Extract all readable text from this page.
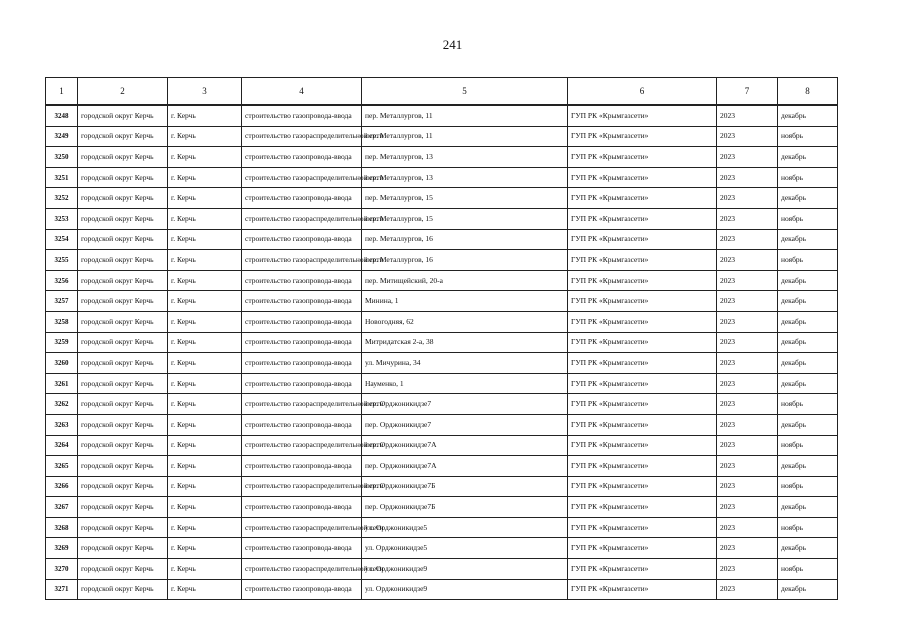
241
1	2	3	4	5	6	7	8
3248	городской округ Керчь	г. Керчь	строительство газопровода-ввода	пер. Металлургов, 11	ГУП РК «Крымгазсети»	2023	декабрь
3249	городской округ Керчь	г. Керчь	строительство газораспределительной сети	пер. Металлургов, 11	ГУП РК «Крымгазсети»	2023	ноябрь
3250	городской округ Керчь	г. Керчь	строительство газопровода-ввода	пер. Металлургов, 13	ГУП РК «Крымгазсети»	2023	декабрь
3251	городской округ Керчь	г. Керчь	строительство газораспределительной сети	пер. Металлургов, 13	ГУП РК «Крымгазсети»	2023	ноябрь
3252	городской округ Керчь	г. Керчь	строительство газопровода-ввода	пер. Металлургов, 15	ГУП РК «Крымгазсети»	2023	декабрь
3253	городской округ Керчь	г. Керчь	строительство газораспределительной сети	пер. Металлургов, 15	ГУП РК «Крымгазсети»	2023	ноябрь
3254	городской округ Керчь	г. Керчь	строительство газопровода-ввода	пер. Металлургов, 16	ГУП РК «Крымгазсети»	2023	декабрь
3255	городской округ Керчь	г. Керчь	строительство газораспределительной сети	пер. Металлургов, 16	ГУП РК «Крымгазсети»	2023	ноябрь
3256	городской округ Керчь	г. Керчь	строительство газопровода-ввода	пер. Митищейский, 20-а	ГУП РК «Крымгазсети»	2023	декабрь
3257	городской округ Керчь	г. Керчь	строительство газопровода-ввода	Минина, 1	ГУП РК «Крымгазсети»	2023	декабрь
3258	городской округ Керчь	г. Керчь	строительство газопровода-ввода	Новогодняя, 62	ГУП РК «Крымгазсети»	2023	декабрь
3259	городской округ Керчь	г. Керчь	строительство газопровода-ввода	Митридатская 2-а, 38	ГУП РК «Крымгазсети»	2023	декабрь
3260	городской округ Керчь	г. Керчь	строительство газопровода-ввода	ул. Мичурина, 34	ГУП РК «Крымгазсети»	2023	декабрь
3261	городской округ Керчь	г. Керчь	строительство газопровода-ввода	Науменко, 1	ГУП РК «Крымгазсети»	2023	декабрь
3262	городской округ Керчь	г. Керчь	строительство газораспределительной сети	пер. Орджоникидзе7	ГУП РК «Крымгазсети»	2023	ноябрь
3263	городской округ Керчь	г. Керчь	строительство газопровода-ввода	пер. Орджоникидзе7	ГУП РК «Крымгазсети»	2023	декабрь
3264	городской округ Керчь	г. Керчь	строительство газораспределительной сети	пер. Орджоникидзе7А	ГУП РК «Крымгазсети»	2023	ноябрь
3265	городской округ Керчь	г. Керчь	строительство газопровода-ввода	пер. Орджоникидзе7А	ГУП РК «Крымгазсети»	2023	декабрь
3266	городской округ Керчь	г. Керчь	строительство газораспределительной сети	пер. Орджоникидзе7Б	ГУП РК «Крымгазсети»	2023	ноябрь
3267	городской округ Керчь	г. Керчь	строительство газопровода-ввода	пер. Орджоникидзе7Б	ГУП РК «Крымгазсети»	2023	декабрь
3268	городской округ Керчь	г. Керчь	строительство газораспределительной сети	ул. Орджоникидзе5	ГУП РК «Крымгазсети»	2023	ноябрь
3269	городской округ Керчь	г. Керчь	строительство газопровода-ввода	ул. Орджоникидзе5	ГУП РК «Крымгазсети»	2023	декабрь
3270	городской округ Керчь	г. Керчь	строительство газораспределительной сети	ул. Орджоникидзе9	ГУП РК «Крымгазсети»	2023	ноябрь
3271	городской округ Керчь	г. Керчь	строительство газопровода-ввода	ул. Орджоникидзе9	ГУП РК «Крымгазсети»	2023	декабрь
